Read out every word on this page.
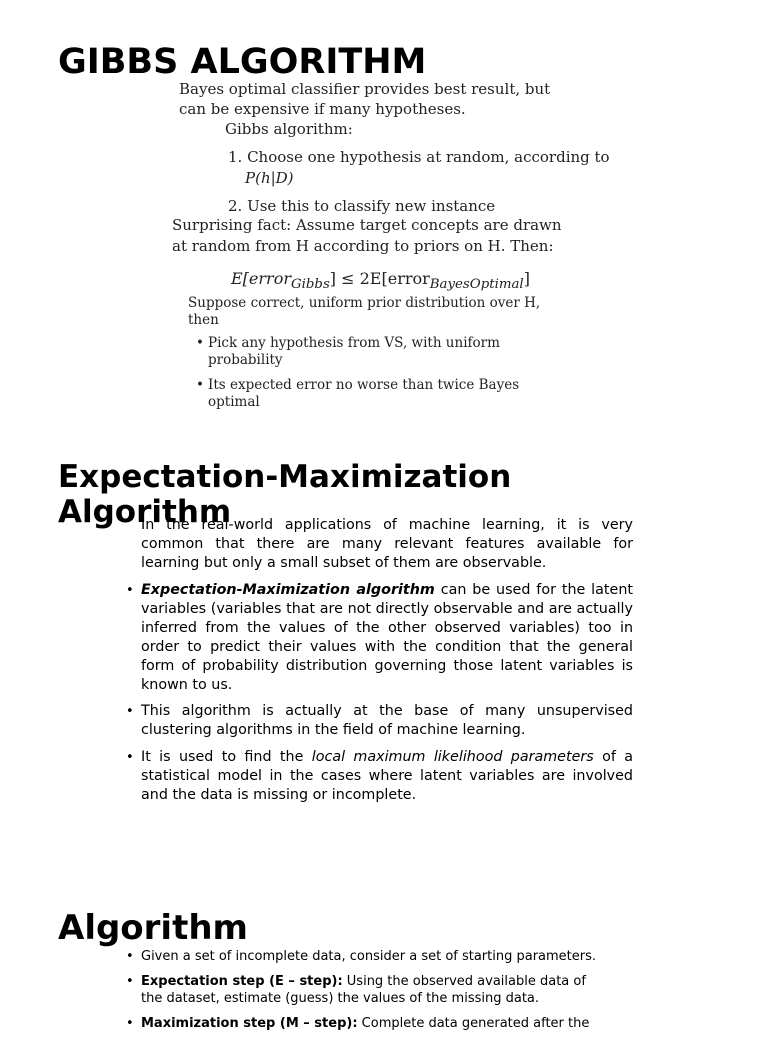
GIBBS ALGORITHM
Bayes optimal classifier provides best result, but
can be expensive if many hypotheses.
Gibbs algorithm:
1. Choose one hypothesis at random, according to
P(h|D)
2. Use this to classify new instance
Surprising fact: Assume target concepts are drawn
at random from H according to priors on H. Then:
E[error$_{Gibbs}$] ≤ 2E[error$_{BayesOptimal}$]
Suppose correct, uniform prior distribution over H,
then
• Pick any hypothesis from VS, with uniform
probability
• Its expected error no worse than twice Bayes
optimal
Expectation-Maximization Algorithm
In the real-world applications of machine learning, it is very common that there are many relevant features available for learning but only a small subset of them are observable.
• Expectation-Maximization algorithm can be used for the latent variables (variables that are not directly observable and are actually inferred from the values of the other observed variables) too in order to predict their values with the condition that the general form of probability distribution governing those latent variables is known to us.
• This algorithm is actually at the base of many unsupervised clustering algorithms in the field of machine learning.
• It is used to find the local maximum likelihood parameters of a statistical model in the cases where latent variables are involved and the data is missing or incomplete.
Algorithm
• Given a set of incomplete data, consider a set of starting parameters.
• Expectation step (E – step): Using the observed available data of the dataset, estimate (guess) the values of the missing data.
• Maximization step (M – step): Complete data generated after the
